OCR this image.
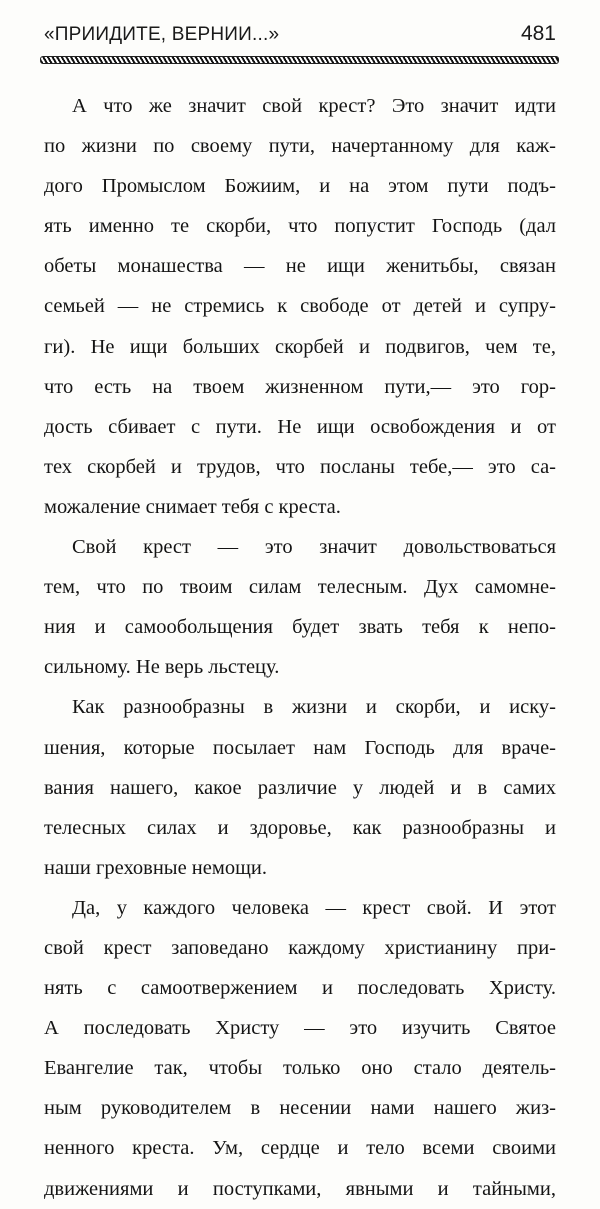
«ПРИИДИТЕ, ВЕРНИИ...»	481
А что же значит свой крест? Это значит идти
по жизни по своему пути, начертанному для каж-
дого Промыслом Божиим, и на этом пути подъ-
ять именно те скорби, что попустит Господь (дал
обеты монашества — не ищи женитьбы, связан
семьей — не стремись к свободе от детей и супру-
ги). Не ищи больших скорбей и подвигов, чем те,
что есть на твоем жизненном пути,— это гор-
дость сбивает с пути. Не ищи освобождения и от
тех скорбей и трудов, что посланы тебе,— это са-
можаление снимает тебя с креста.
Свой крест — это значит довольствоваться
тем, что по твоим силам телесным. Дух самомне-
ния и самообольщения будет звать тебя к непо-
сильному. Не верь льстецу.
Как разнообразны в жизни и скорби, и иску-
шения, которые посылает нам Господь для враче-
вания нашего, какое различие у людей и в самих
телесных силах и здоровье, как разнообразны и
наши греховные немощи.
Да, у каждого человека — крест свой. И этот
свой крест заповедано каждому христианину при-
нять с самоотвержением и последовать Христу.
А последовать Христу — это изучить Святое
Евангелие так, чтобы только оно стало деятель-
ным руководителем в несении нами нашего жиз-
ненного креста. Ум, сердце и тело всеми своими
движениями и поступками, явными и тайными,
